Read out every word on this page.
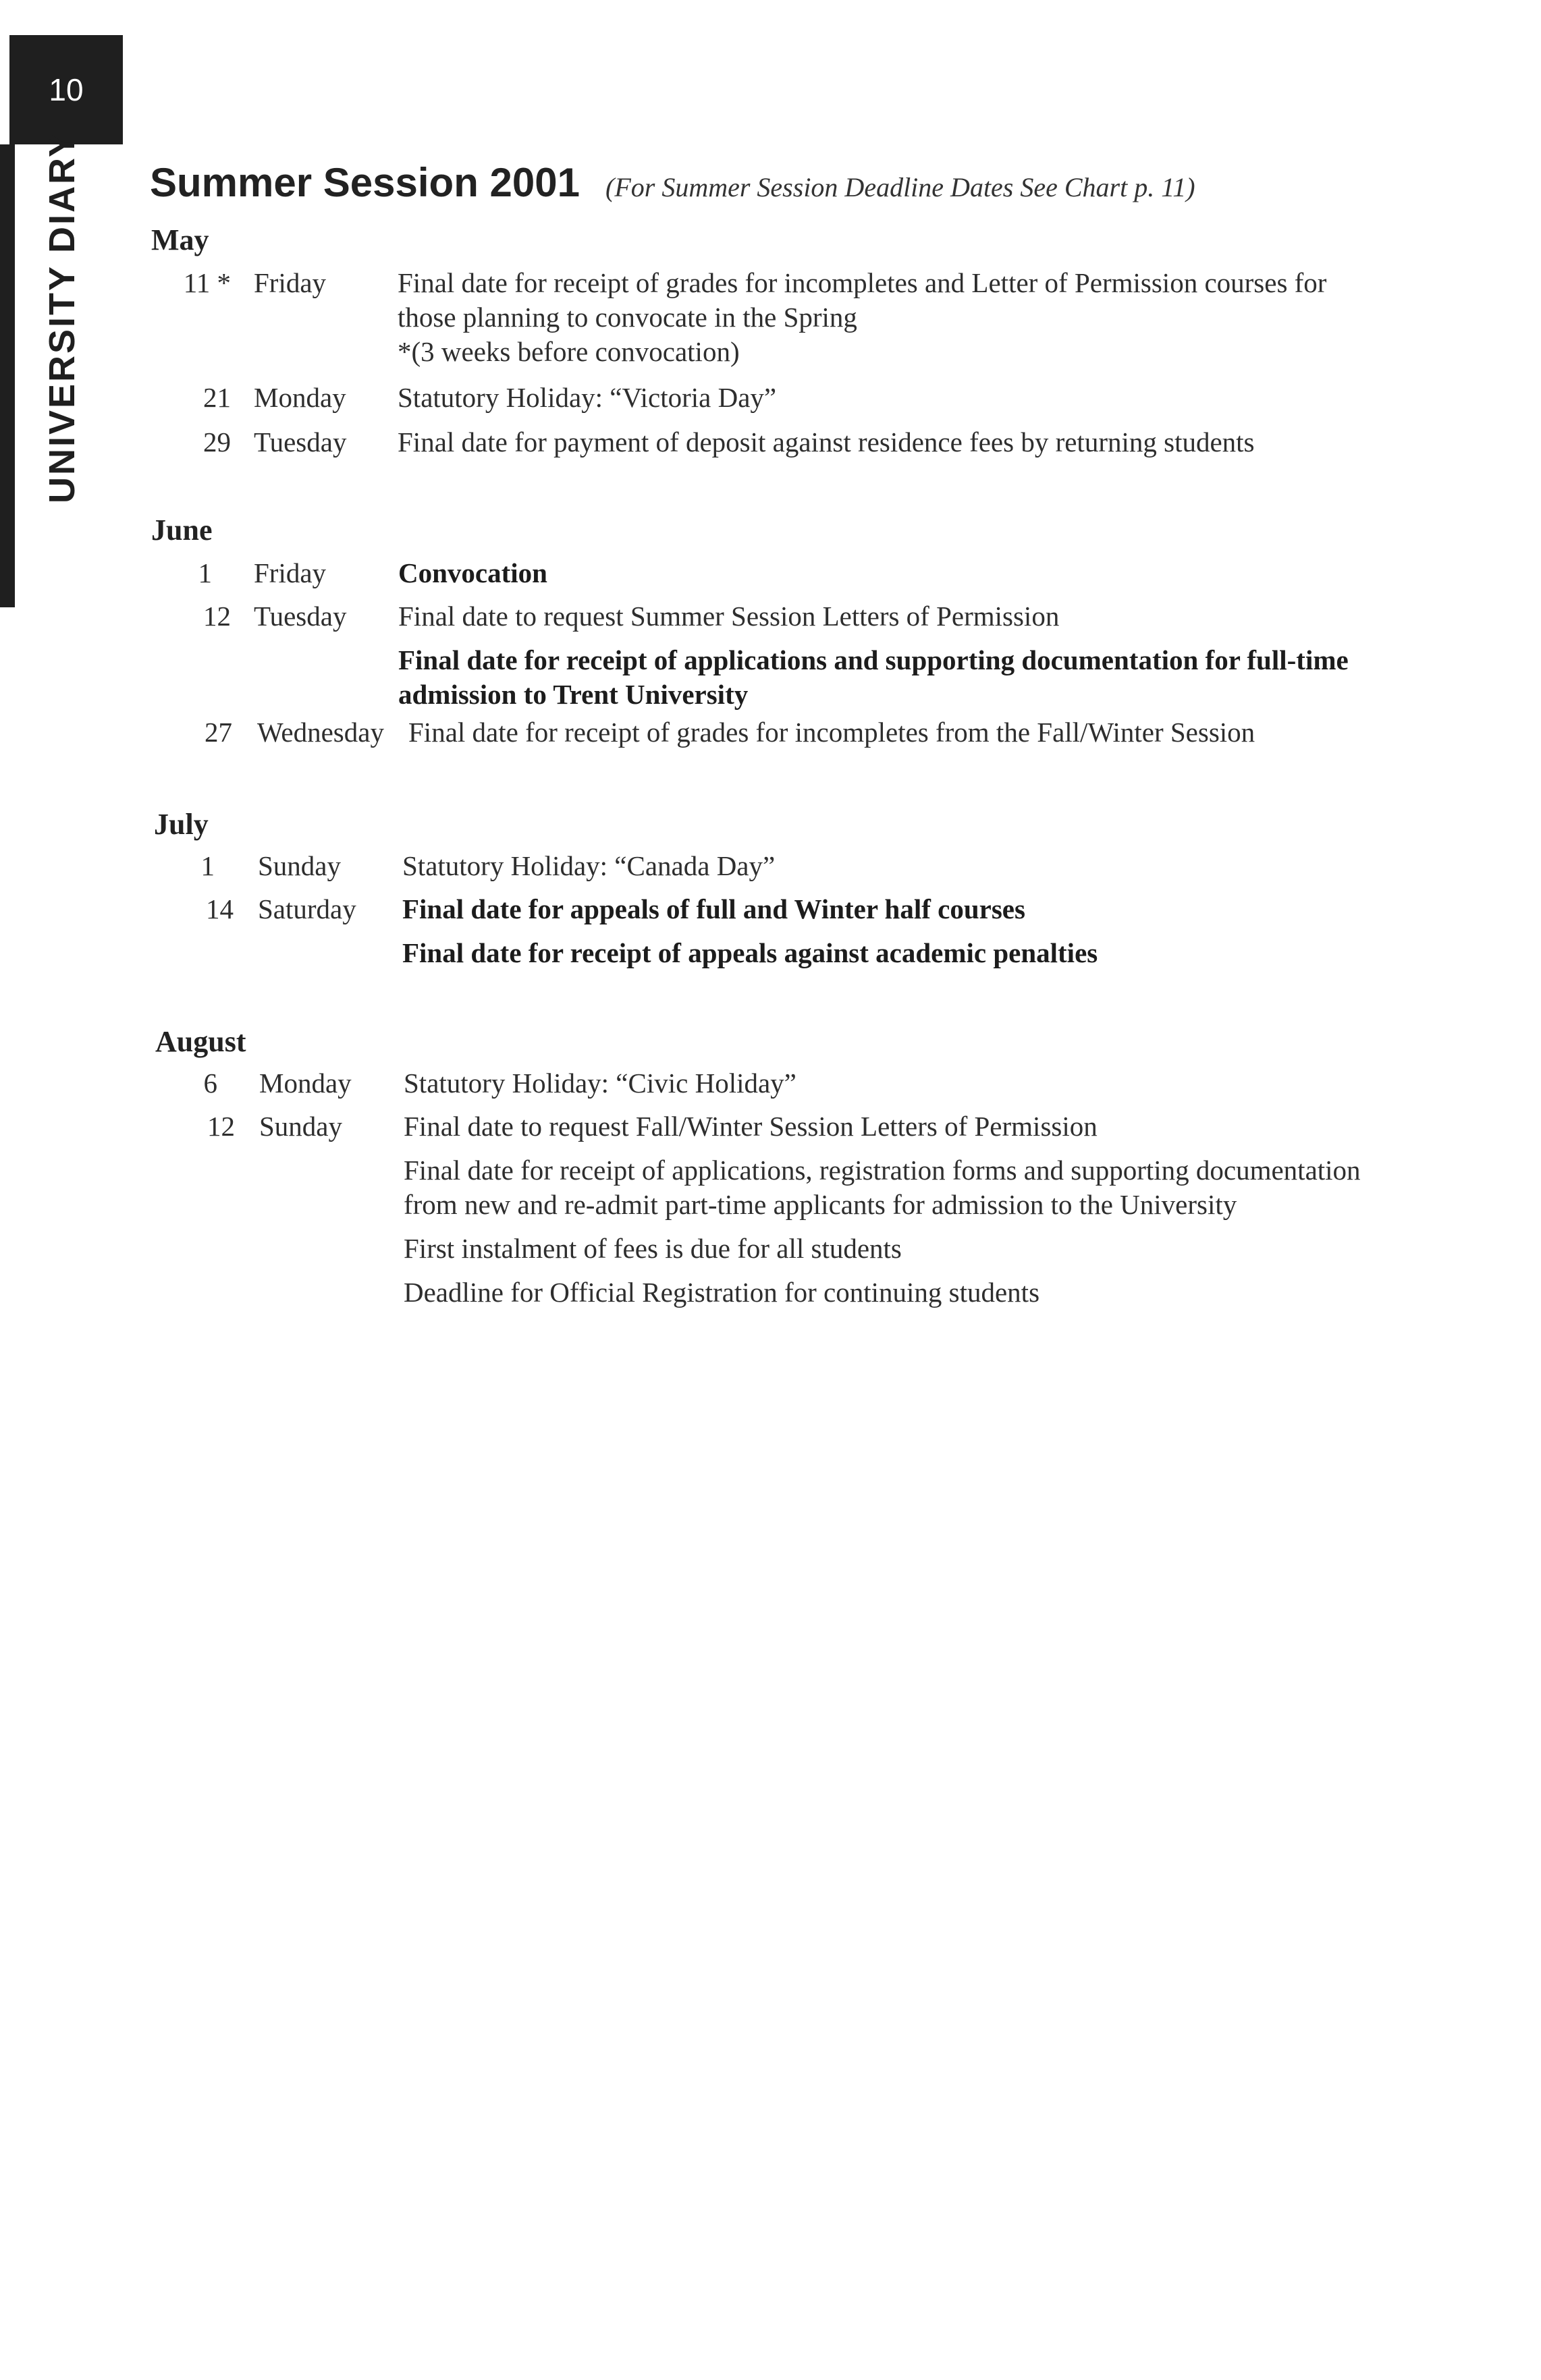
10
UNIVERSITY DIARY Summer Session 2001 (For Summer Session Deadline Dates See Chart p. 11)
May
11 * Friday	Final date for receipt of grades for incompletes and Letter of Permission courses for those planning to convocate in the Spring

*(3 weeks before convocation)

21 Monday Statutory Holiday: “Victoria Day”

29 Tuesday Final date for payment of deposit against residence fees by returning students

June
1 Friday	Convocation

12 Tuesday Final date to request Summer Session Letters of Permission

Final date for receipt of applications and supporting documentation for full-time admission to Trent University

27 Wednesday Final date for receipt of grades for incompletes from the Fall/Winter Session

July
1 Sunday Statutory Holiday: “Canada Day”

14 Saturday Final date for appeals of full and Winter half courses

Final date for receipt of appeals against academic penalties

August
6 Monday Statutory Holiday: “Civic Holiday”

12 Sunday Final date to request Fall/Winter Session Letters of Permission

Final date for receipt of applications, registration forms and supporting documentation from new and re-admit part-time applicants for admission to the University

First instalment of fees is due for all students

Deadline for Official Registration for continuing students
